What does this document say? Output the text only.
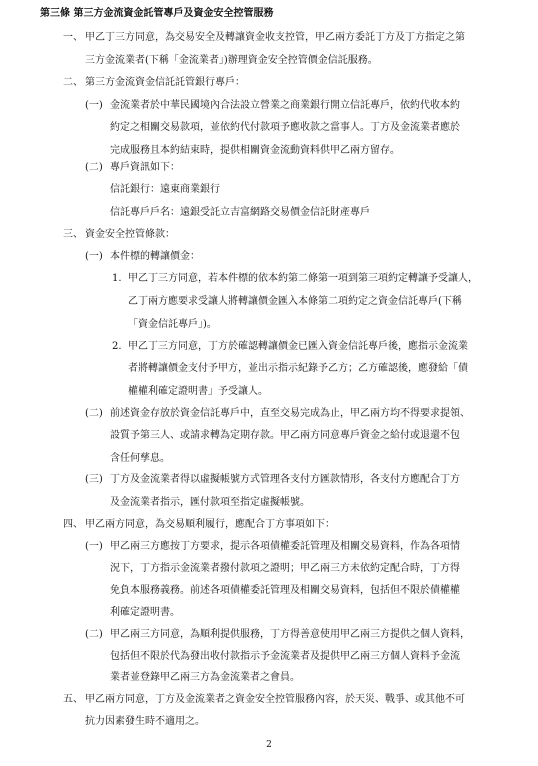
第三條 第三方金流資金託管專戶及資金安全控管服務
一、 甲乙丁三方同意，為交易安全及轉讓資金收支控管，甲乙兩方委託丁方及丁方指定之第
三方金流業者(下稱「金流業者」)辦理資金安全控管價金信託服務。
二、 第三方金流資金信託託管銀行專戶：
(一) 金流業者於中華民國境內合法設立營業之商業銀行開立信託專戶，依約代收本約
約定之相關交易款項，並依約代付款項予應收款之當事人。丁方及金流業者應於
完成服務且本約結束時，提供相關資金流動資料供甲乙兩方留存。
(二) 專戶資訊如下：
信託銀行：遠東商業銀行
信託專戶戶名：遠銀受託立吉富網路交易價金信託財產專戶
三、 資金安全控管條款：
(一) 本件標的轉讓價金：
1. 甲乙丁三方同意，若本件標的依本約第二條第一項到第三項約定轉讓予受讓人，
乙丁兩方應要求受讓人將轉讓價金匯入本條第二項約定之資金信託專戶(下稱
「資金信託專戶」)。
2. 甲乙丁三方同意，丁方於確認轉讓價金已匯入資金信託專戶後，應指示金流業
者將轉讓價金支付予甲方，並出示指示紀錄予乙方；乙方確認後，應發給「債
權權利確定證明書」予受讓人。
(二) 前述資金存放於資金信託專戶中，直至交易完成為止，甲乙兩方均不得要求提領、
設質予第三人、或請求轉為定期存款。甲乙兩方同意專戶資金之給付或退還不包
含任何孳息。
(三) 丁方及金流業者得以虛擬帳號方式管理各支付方匯款情形，各支付方應配合丁方
及金流業者指示，匯付款項至指定虛擬帳號。
四、 甲乙兩方同意，為交易順利履行，應配合丁方事項如下：
(一) 甲乙兩三方應按丁方要求，提示各項債權委託管理及相關交易資料，作為各項情
況下，丁方指示金流業者撥付款項之證明；甲乙兩三方未依約定配合時，丁方得
免負本服務義務。前述各項債權委託管理及相關交易資料，包括但不限於債權權
利確定證明書。
(二) 甲乙兩三方同意，為順利提供服務，丁方得善意使用甲乙兩三方提供之個人資料，
包括但不限於代為發出收付款指示予金流業者及提供甲乙兩三方個人資料予金流
業者並登錄甲乙兩三方為金流業者之會員。
五、 甲乙兩方同意，丁方及金流業者之資金安全控管服務內容，於天災、戰爭、或其他不可
抗力因素發生時不適用之。
2
